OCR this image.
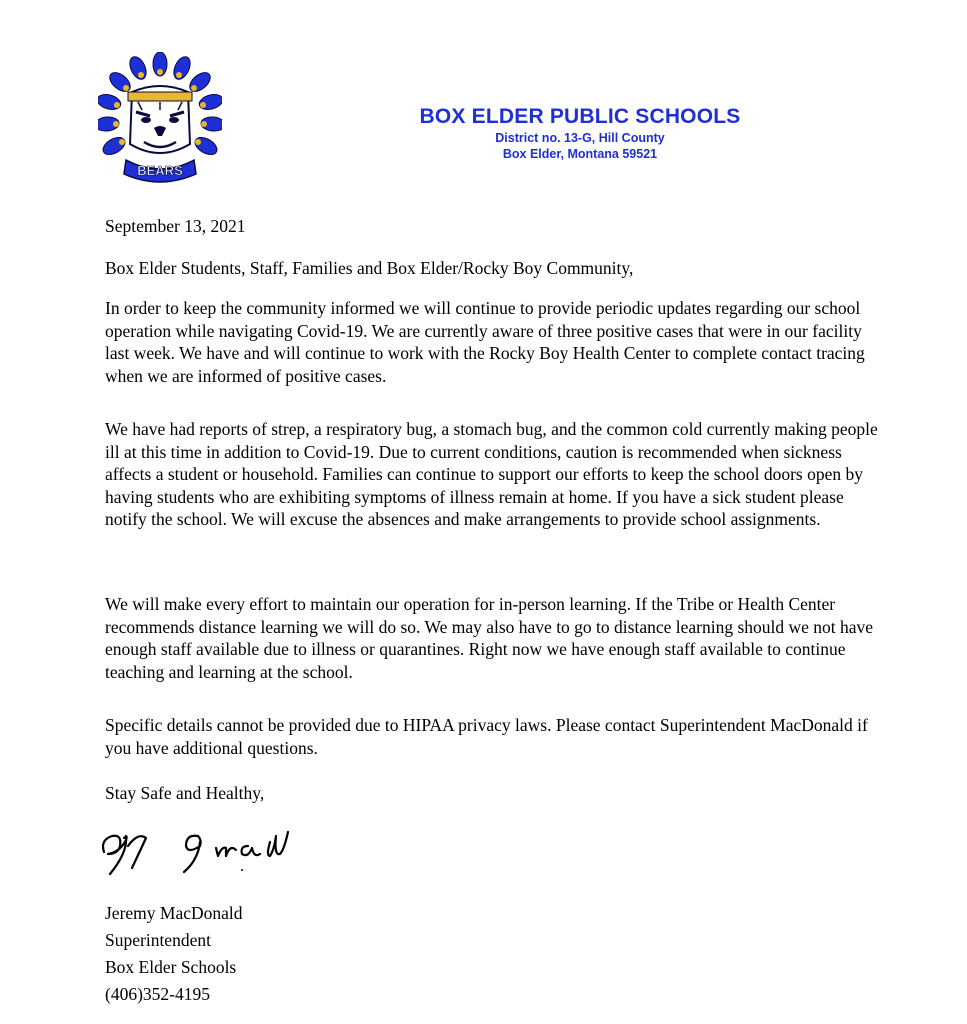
BEARS
BOX ELDER PUBLIC SCHOOLS
District no. 13-G, Hill County
Box Elder, Montana 59521

September 13, 2021

Box Elder Students, Staff, Families and Box Elder/Rocky Boy Community,

In order to keep the community informed we will continue to provide periodic updates regarding our school operation while navigating Covid-19. We are currently aware of three positive cases that were in our facility last week. We have and will continue to work with the Rocky Boy Health Center to complete contact tracing when we are informed of positive cases.

We have had reports of strep, a respiratory bug, a stomach bug, and the common cold currently making people ill at this time in addition to Covid-19. Due to current conditions, caution is recommended when sickness affects a student or household. Families can continue to support our efforts to keep the school doors open by having students who are exhibiting symptoms of illness remain at home. If you have a sick student please notify the school. We will excuse the absences and make arrangements to provide school assignments.

We will make every effort to maintain our operation for in-person learning. If the Tribe or Health Center recommends distance learning we will do so. We may also have to go to distance learning should we not have enough staff available due to illness or quarantines. Right now we have enough staff available to continue teaching and learning at the school.

Specific details cannot be provided due to HIPAA privacy laws. Please contact Superintendent MacDonald if you have additional questions.

Stay Safe and Healthy,

Jeremy MacDonald
Superintendent
Box Elder Schools
(406)352-4195
